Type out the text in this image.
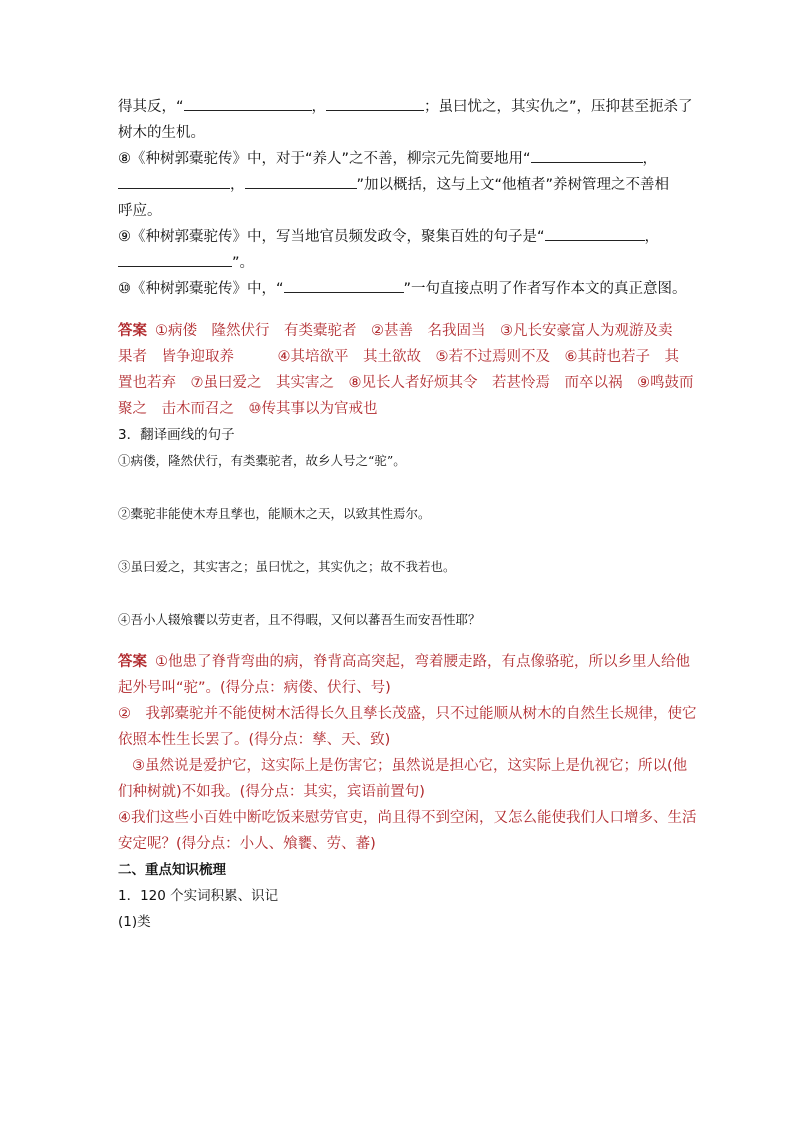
得其反，“	，	；虽曰忧之，其实仇之”，压抑甚至扼杀了
树木的生机。
⑧《种树郭橐驼传》中，对于“养人”之不善，柳宗元先简要地用“	，
，	”加以概括，这与上文“他植者”养树管理之不善相
呼应。
⑨《种树郭橐驼传》中，写当地官员频发政令，聚集百姓的句子是“	，
”。
⑩《种树郭橐驼传》中，“	”一句直接点明了作者写作本文的真正意图。
答案 ①病偻　隆然伏行　有类橐驼者　②甚善　名我固当　③凡长安豪富人为观游及卖
果者　皆争迎取养　　　④其培欲平　其土欲故　⑤若不过焉则不及　⑥其莳也若子　其
置也若弃　⑦虽曰爱之　其实害之　⑧见长人者好烦其令　若甚怜焉　而卒以祸　⑨鸣鼓而
聚之　击木而召之　⑩传其事以为官戒也
3．翻译画线的句子
①病偻，隆然伏行，有类橐驼者，故乡人号之“驼”。
②橐驼非能使木寿且孳也，能顺木之天，以致其性焉尔。
③虽曰爱之，其实害之；虽曰忧之，其实仇之；故不我若也。
④吾小人辍飧饔以劳吏者，且不得暇，又何以蕃吾生而安吾性耶？
答案 ①他患了脊背弯曲的病，脊背高高突起，弯着腰走路，有点像骆驼，所以乡里人给他
起外号叫“驼”。(得分点：病偻、伏行、号)
②　我郭橐驼并不能使树木活得长久且孳长茂盛，只不过能顺从树木的自然生长规律，使它
依照本性生长罢了。(得分点：孳、天、致)
③虽然说是爱护它，这实际上是伤害它；虽然说是担心它，这实际上是仇视它；所以(他
们种树就)不如我。(得分点：其实，宾语前置句)
④我们这些小百姓中断吃饭来慰劳官吏，尚且得不到空闲，又怎么能使我们人口增多、生活
安定呢？(得分点：小人、飧饔、劳、蕃)
二、重点知识梳理
1．120 个实词积累、识记
(1)类
